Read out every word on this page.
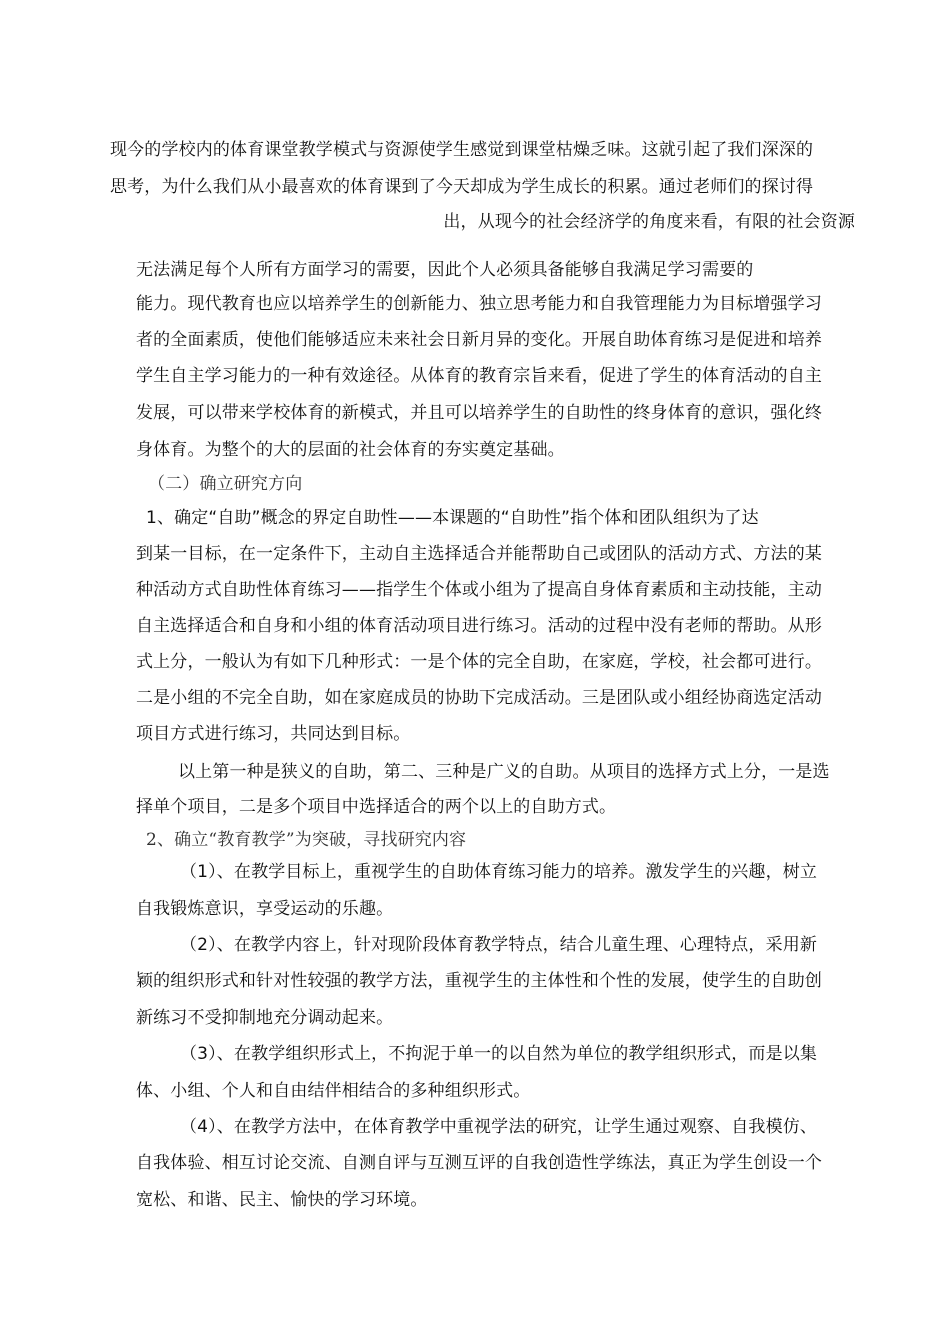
现今的学校内的体育课堂教学模式与资源使学生感觉到课堂枯燥乏味。这就引起了我们深深的
思考，为什么我们从小最喜欢的体育课到了今天却成为学生成长的积累。通过老师们的探讨得
出，从现今的社会经济学的角度来看，有限的社会资源
无法满足每个人所有方面学习的需要，因此个人必须具备能够自我满足学习需要的
能力。现代教育也应以培养学生的创新能力、独立思考能力和自我管理能力为目标增强学习
者的全面素质，使他们能够适应未来社会日新月异的变化。开展自助体育练习是促进和培养
学生自主学习能力的一种有效途径。从体育的教育宗旨来看，促进了学生的体育活动的自主
发展，可以带来学校体育的新模式，并且可以培养学生的自助性的终身体育的意识，强化终
身体育。为整个的大的层面的社会体育的夯实奠定基础。
（二）确立研究方向
1、确定“自助”概念的界定自助性——本课题的“自助性”指个体和团队组织为了达
到某一目标，在一定条件下，主动自主选择适合并能帮助自己或团队的活动方式、方法的某
种活动方式自助性体育练习——指学生个体或小组为了提高自身体育素质和主动技能，主动
自主选择适合和自身和小组的体育活动项目进行练习。活动的过程中没有老师的帮助。从形
式上分，一般认为有如下几种形式：一是个体的完全自助，在家庭，学校，社会都可进行。
二是小组的不完全自助，如在家庭成员的协助下完成活动。三是团队或小组经协商选定活动
项目方式进行练习，共同达到目标。
以上第一种是狭义的自助，第二、三种是广义的自助。从项目的选择方式上分，一是选
择单个项目，二是多个项目中选择适合的两个以上的自助方式。
2、确立“教育教学”为突破，寻找研究内容
（1）、在教学目标上，重视学生的自助体育练习能力的培养。激发学生的兴趣，树立
自我锻炼意识，享受运动的乐趣。
（2）、在教学内容上，针对现阶段体育教学特点，结合儿童生理、心理特点，采用新
颖的组织形式和针对性较强的教学方法，重视学生的主体性和个性的发展，使学生的自助创
新练习不受抑制地充分调动起来。
（3）、在教学组织形式上，不拘泥于单一的以自然为单位的教学组织形式，而是以集
体、小组、个人和自由结伴相结合的多种组织形式。
（4）、在教学方法中，在体育教学中重视学法的研究，让学生通过观察、自我模仿、
自我体验、相互讨论交流、自测自评与互测互评的自我创造性学练法，真正为学生创设一个
宽松、和谐、民主、愉快的学习环境。
